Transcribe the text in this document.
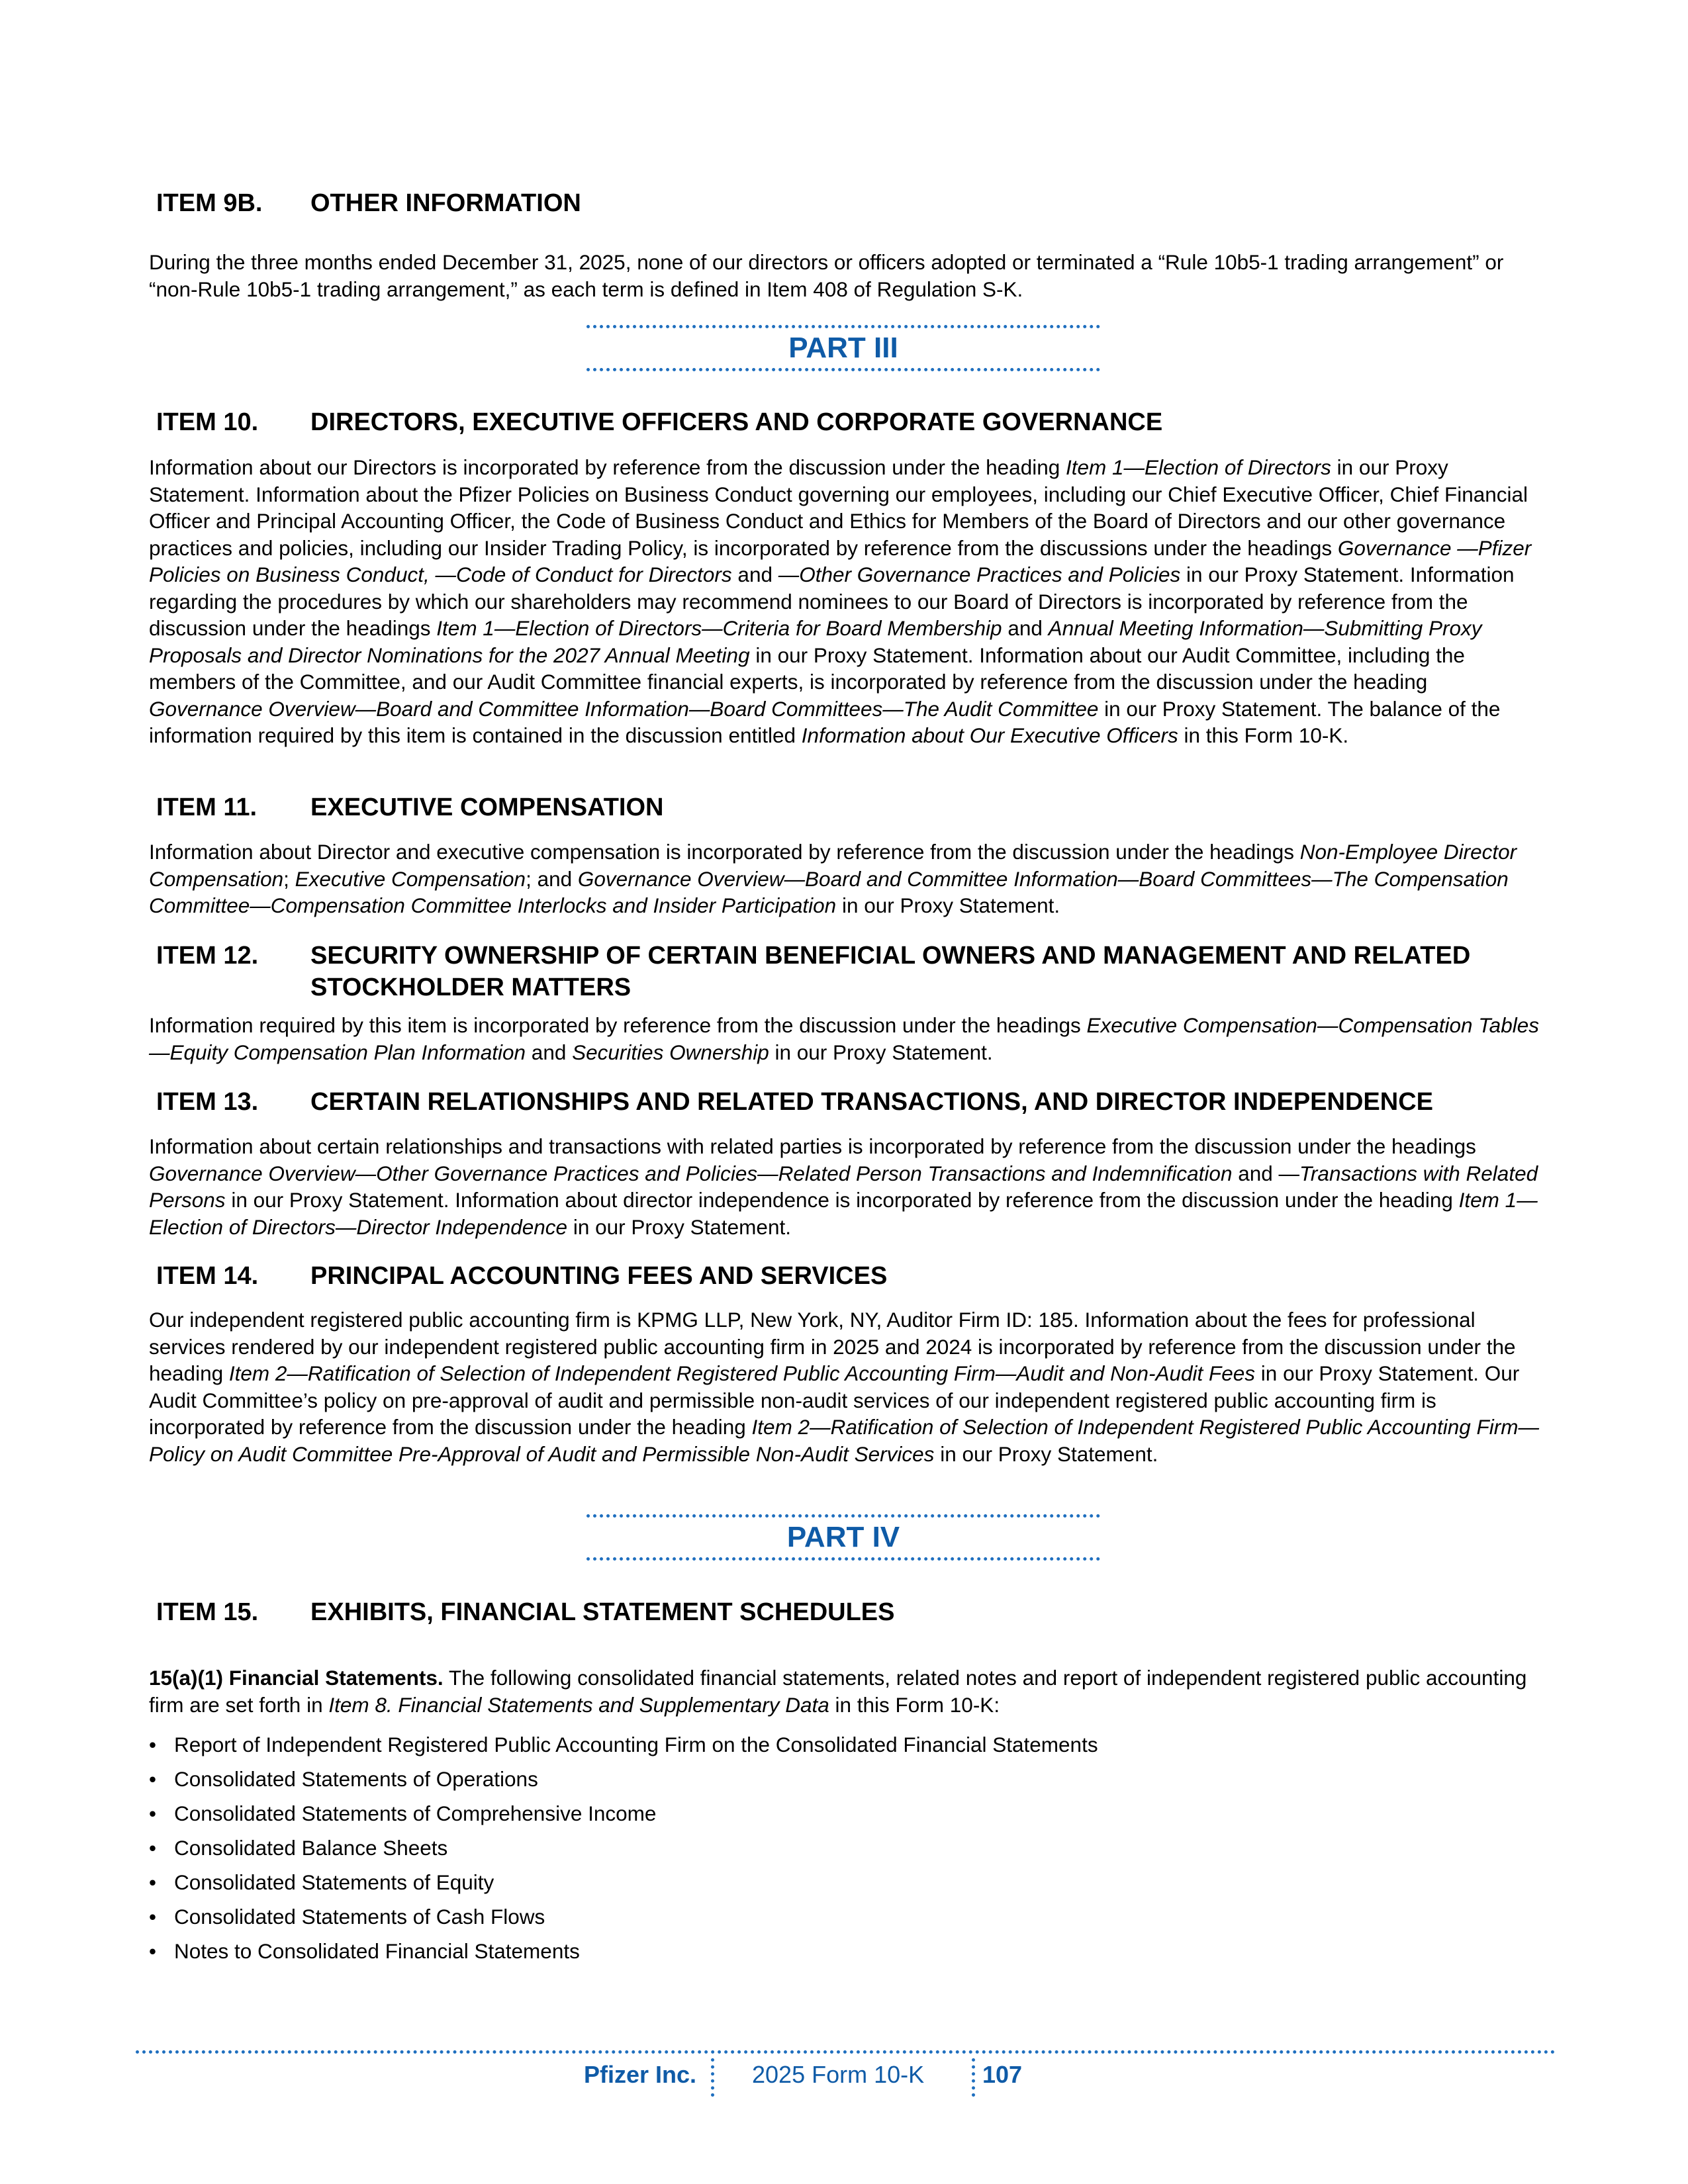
ITEM 9B. OTHER INFORMATION
During the three months ended December 31, 2025, none of our directors or officers adopted or terminated a “Rule 10b5-1 trading arrangement” or “non-Rule 10b5-1 trading arrangement,” as each term is defined in Item 408 of Regulation S-K.
PART III
ITEM 10. DIRECTORS, EXECUTIVE OFFICERS AND CORPORATE GOVERNANCE
Information about our Directors is incorporated by reference from the discussion under the heading Item 1—Election of Directors in our Proxy Statement. Information about the Pfizer Policies on Business Conduct governing our employees, including our Chief Executive Officer, Chief Financial Officer and Principal Accounting Officer, the Code of Business Conduct and Ethics for Members of the Board of Directors and our other governance practices and policies, including our Insider Trading Policy, is incorporated by reference from the discussions under the headings Governance —Pfizer Policies on Business Conduct, —Code of Conduct for Directors and —Other Governance Practices and Policies in our Proxy Statement. Information regarding the procedures by which our shareholders may recommend nominees to our Board of Directors is incorporated by reference from the discussion under the headings Item 1—Election of Directors—Criteria for Board Membership and Annual Meeting Information—Submitting Proxy Proposals and Director Nominations for the 2027 Annual Meeting in our Proxy Statement. Information about our Audit Committee, including the members of the Committee, and our Audit Committee financial experts, is incorporated by reference from the discussion under the heading Governance Overview—Board and Committee Information—Board Committees—The Audit Committee in our Proxy Statement. The balance of the information required by this item is contained in the discussion entitled Information about Our Executive Officers in this Form 10-K.
ITEM 11. EXECUTIVE COMPENSATION
Information about Director and executive compensation is incorporated by reference from the discussion under the headings Non-Employee Director Compensation; Executive Compensation; and Governance Overview—Board and Committee Information—Board Committees—The Compensation Committee—Compensation Committee Interlocks and Insider Participation in our Proxy Statement.
ITEM 12.	SECURITY OWNERSHIP OF CERTAIN BENEFICIAL OWNERS AND MANAGEMENT AND RELATED STOCKHOLDER MATTERS
Information required by this item is incorporated by reference from the discussion under the headings Executive Compensation—Compensation Tables—Equity Compensation Plan Information and Securities Ownership in our Proxy Statement.
ITEM 13. CERTAIN RELATIONSHIPS AND RELATED TRANSACTIONS, AND DIRECTOR INDEPENDENCE
Information about certain relationships and transactions with related parties is incorporated by reference from the discussion under the headings Governance Overview—Other Governance Practices and Policies—Related Person Transactions and Indemnification and —Transactions with Related Persons in our Proxy Statement. Information about director independence is incorporated by reference from the discussion under the heading Item 1—Election of Directors—Director Independence in our Proxy Statement.
ITEM 14. PRINCIPAL ACCOUNTING FEES AND SERVICES
Our independent registered public accounting firm is KPMG LLP, New York, NY, Auditor Firm ID: 185. Information about the fees for professional services rendered by our independent registered public accounting firm in 2025 and 2024 is incorporated by reference from the discussion under the heading Item 2—Ratification of Selection of Independent Registered Public Accounting Firm—Audit and Non-Audit Fees in our Proxy Statement. Our Audit Committee’s policy on pre-approval of audit and permissible non-audit services of our independent registered public accounting firm is incorporated by reference from the discussion under the heading Item 2—Ratification of Selection of Independent Registered Public Accounting Firm—Policy on Audit Committee Pre-Approval of Audit and Permissible Non-Audit Services in our Proxy Statement.
PART IV
ITEM 15. EXHIBITS, FINANCIAL STATEMENT SCHEDULES
15(a)(1) Financial Statements. The following consolidated financial statements, related notes and report of independent registered public accounting firm are set forth in Item 8. Financial Statements and Supplementary Data in this Form 10-K:
• Report of Independent Registered Public Accounting Firm on the Consolidated Financial Statements
• Consolidated Statements of Operations
• Consolidated Statements of Comprehensive Income
• Consolidated Balance Sheets
• Consolidated Statements of Equity
• Consolidated Statements of Cash Flows
• Notes to Consolidated Financial Statements
Pfizer Inc. 2025 Form 10-K 107
